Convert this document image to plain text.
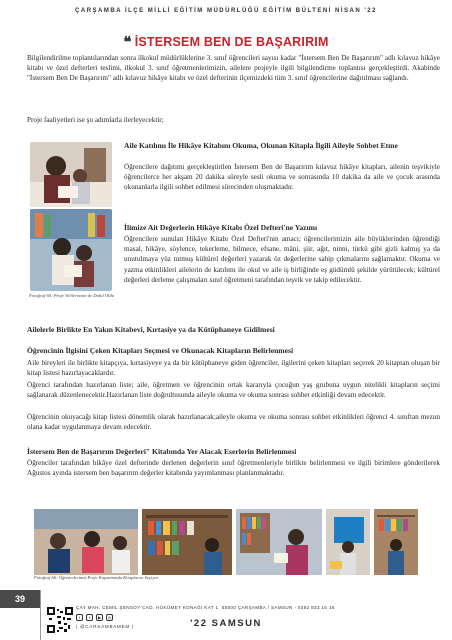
ÇARŞAMBA İLÇE MİLLİ EĞİTİM MÜDÜRLÜĞÜ EĞİTİM BÜLTENİ NİSAN '22
❝ İSTERSEM BEN DE BAŞARIRIM

Bilgilendirilme toplantılarından sonra ilkokul müdürlüklerine 3. sınıf öğrencileri sayısı kadar "İstersem Ben De Başarırım" adlı kılavuz hikâye kitabı ve özel defterleri teslimi, ilkokul 3. sınıf öğretmenlerimizin, ailelere projeyle ilgili bilgilendirme toplantısı gerçekleştirdi. Akabinde "İstersem Ben De Başarırım" adlı kılavuz hikâye kitabı ve özel defterinin ilçemizdeki tüm 3. sınıf öğrencilerine dağıtılması sağlandı.

Proje faaliyetleri ise şu adımlarla ilerleyecektir;

Fotoğraf 60: Proje Velilerimize de Dahil Oldu

Aile Katılımı İle Hikâye Kitabını Okuma, Okunan Kitapla İlgili Aileyle Sohbet Etme

Öğrencilere dağıtımı gerçekleştirilen İstersem Ben de Başarırım kılavuz hikâye kitapları, ailenin teşvikiyle öğrencilerce her akşam 20 dakika süreyle sesli okuma ve sonrasında 10 dakika da aile ve çocuk arasında okunanlarla ilgili sohbet edilmesi sürecinden oluşmaktadır.

İlimize Ait Değerlerin Hikâye Kitabı Özel Defteri'ne Yazımı

Öğrencilere sunulan Hikâye Kitabı Özel Defteri'nin amacı; öğrencilerimizin aile büyüklerinden öğrendiği masal, hikâye, söylence, tekerleme, bilmece, efsane, mâni, şiir, ağıt, ninni, türkü gibi gizli kalmış ya da unutulmaya yüz tutmuş kültürel değerleri yazarak öz değerlerine sahip çıkmalarını sağlamaktır. Okuma ve yazma etkinlikleri ailelerin de katılımı ile okul ve aile iş birliğinde eş güdümlü şekilde yürütülecek; kültürel değerleri derleme çalışmaları sınıf öğretmeni tarafından teşvik ve takip edilecektir.

Ailelerle Birlikte En Yakın Kitabevi, Kırtasiye ya da Kütüphaneye Gidilmesi

Öğrencinin İlgisini Çeken Kitapları Seçmesi ve Okunacak Kitapların Belirlenmesi

Aile bireyleri ile birlikte kitapçıya, kırtasiyeye ya da bir kütüphaneye giden öğrenciler, ilgilerini çeken kitapları seçerek 20 kitaptan oluşan bir kitap listesi hazırlayacaklardır.

Öğrenci tarafından hazırlanan liste; aile, öğretmen ve öğrencinin ortak kararıyla çocuğun yaş grubuna uygun nitelikli kitapların seçimi sağlanarak düzenlenecektir.Hazırlanan liste doğrultusunda aileyle okuma ve okuma sonrası sohbet etkinliği devam edecektir.

Öğrencinin okuyacağı kitap listesi dönemlik olarak hazırlanacak;aileyle okuma ve okuma sonrası sohbet etkinlikleri öğrenci 4. sınıftan mezun olana kadar uygulanmaya devam edecektir.

İstersem Ben de Başarırım Değerleri" Kitabında Yer Alacak Eserlerin Belirlenmesi

Öğrenciler tarafından hikâye özel defterinde derlenen değerlerin sınıf öğretmenleriyle birlikte belirlenmesi ve ilgili birimlere gönderilerek Ağustos ayında istersem ben başarırım değerler kitabında yayımlanması planlanmaktadır.

Fotoğraf 66: Öğrencilerimiz Proje Kapsamında Kitaplarını Seçiyor
39
ÇAY MAH. CEMİL ŞENSOY CAD. HÜKÜMET KONAĞI KAT 1, 55500 ÇARŞAMBA / SAMSUN - 0362 833 16 16
f	t	▶	◎
| @CARSAMBAMEM |	'22 SAMSUN
